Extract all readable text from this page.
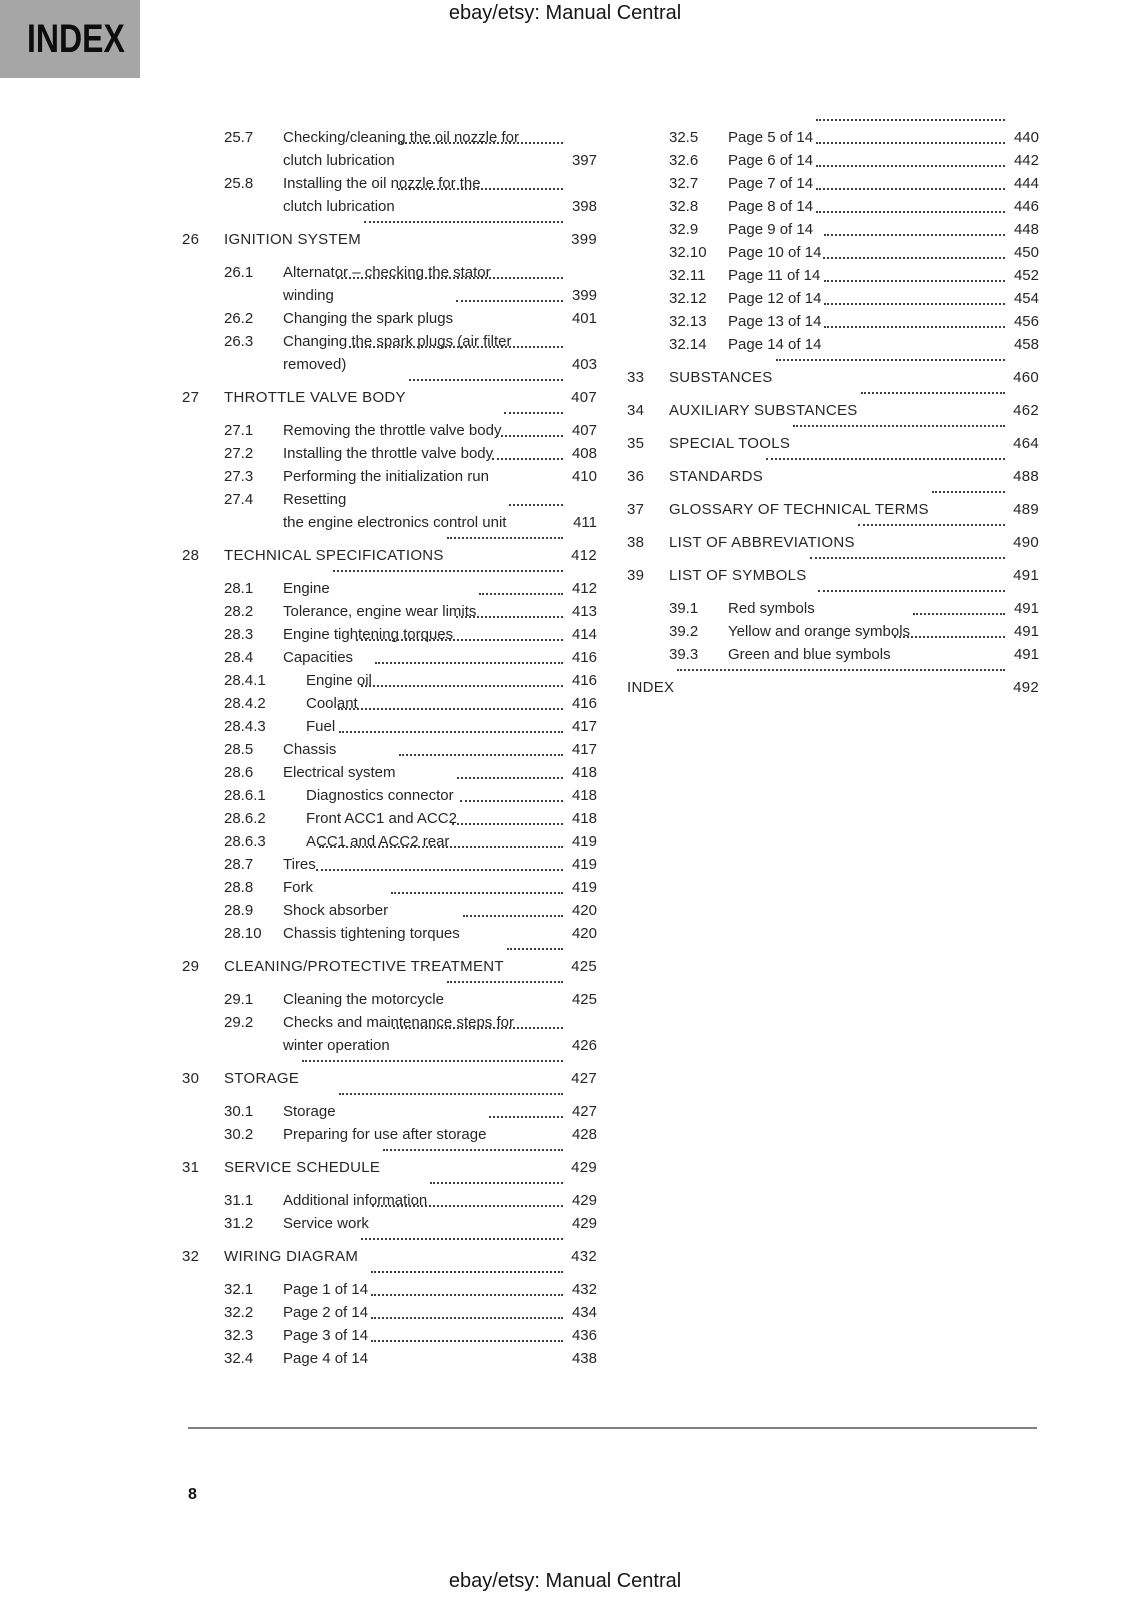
INDEX
ebay/etsy: Manual Central
25.7	Checking/cleaning the oil nozzle for
clutch lubrication	397
25.8	Installing the oil nozzle for the
clutch lubrication	398
26	IGNITION SYSTEM	399
26.1	Alternator – checking the stator
winding	399
26.2	Changing the spark plugs	401
26.3	Changing the spark plugs (air filter
removed)	403
27	THROTTLE VALVE BODY	407
27.1	Removing the throttle valve body	407
27.2	Installing the throttle valve body	408
27.3	Performing the initialization run	410
27.4	Resetting
the engine electronics control unit	411
28	TECHNICAL SPECIFICATIONS	412
28.1	Engine	412
28.2	Tolerance, engine wear limits	413
28.3	Engine tightening torques	414
28.4	Capacities	416
28.4.1	Engine oil	416
28.4.2	Coolant	416
28.4.3	Fuel	417
28.5	Chassis	417
28.6	Electrical system	418
28.6.1	Diagnostics connector	418
28.6.2	Front ACC1 and ACC2	418
28.6.3	ACC1 and ACC2 rear	419
28.7	Tires	419
28.8	Fork	419
28.9	Shock absorber	420
28.10	Chassis tightening torques	420
29	CLEANING/PROTECTIVE TREATMENT	425
29.1	Cleaning the motorcycle	425
29.2	Checks and maintenance steps for
winter operation	426
30	STORAGE	427
30.1	Storage	427
30.2	Preparing for use after storage	428
31	SERVICE SCHEDULE	429
31.1	Additional information	429
31.2	Service work	429
32	WIRING DIAGRAM	432
32.1	Page 1 of 14	432
32.2	Page 2 of 14	434
32.3	Page 3 of 14	436
32.4	Page 4 of 14	438
32.5	Page 5 of 14	440
32.6	Page 6 of 14	442
32.7	Page 7 of 14	444
32.8	Page 8 of 14	446
32.9	Page 9 of 14	448
32.10	Page 10 of 14	450
32.11	Page 11 of 14	452
32.12	Page 12 of 14	454
32.13	Page 13 of 14	456
32.14	Page 14 of 14	458
33	SUBSTANCES	460
34	AUXILIARY SUBSTANCES	462
35	SPECIAL TOOLS	464
36	STANDARDS	488
37	GLOSSARY OF TECHNICAL TERMS	489
38	LIST OF ABBREVIATIONS	490
39	LIST OF SYMBOLS	491
39.1	Red symbols	491
39.2	Yellow and orange symbols	491
39.3	Green and blue symbols	491
INDEX	492
8
ebay/etsy: Manual Central
